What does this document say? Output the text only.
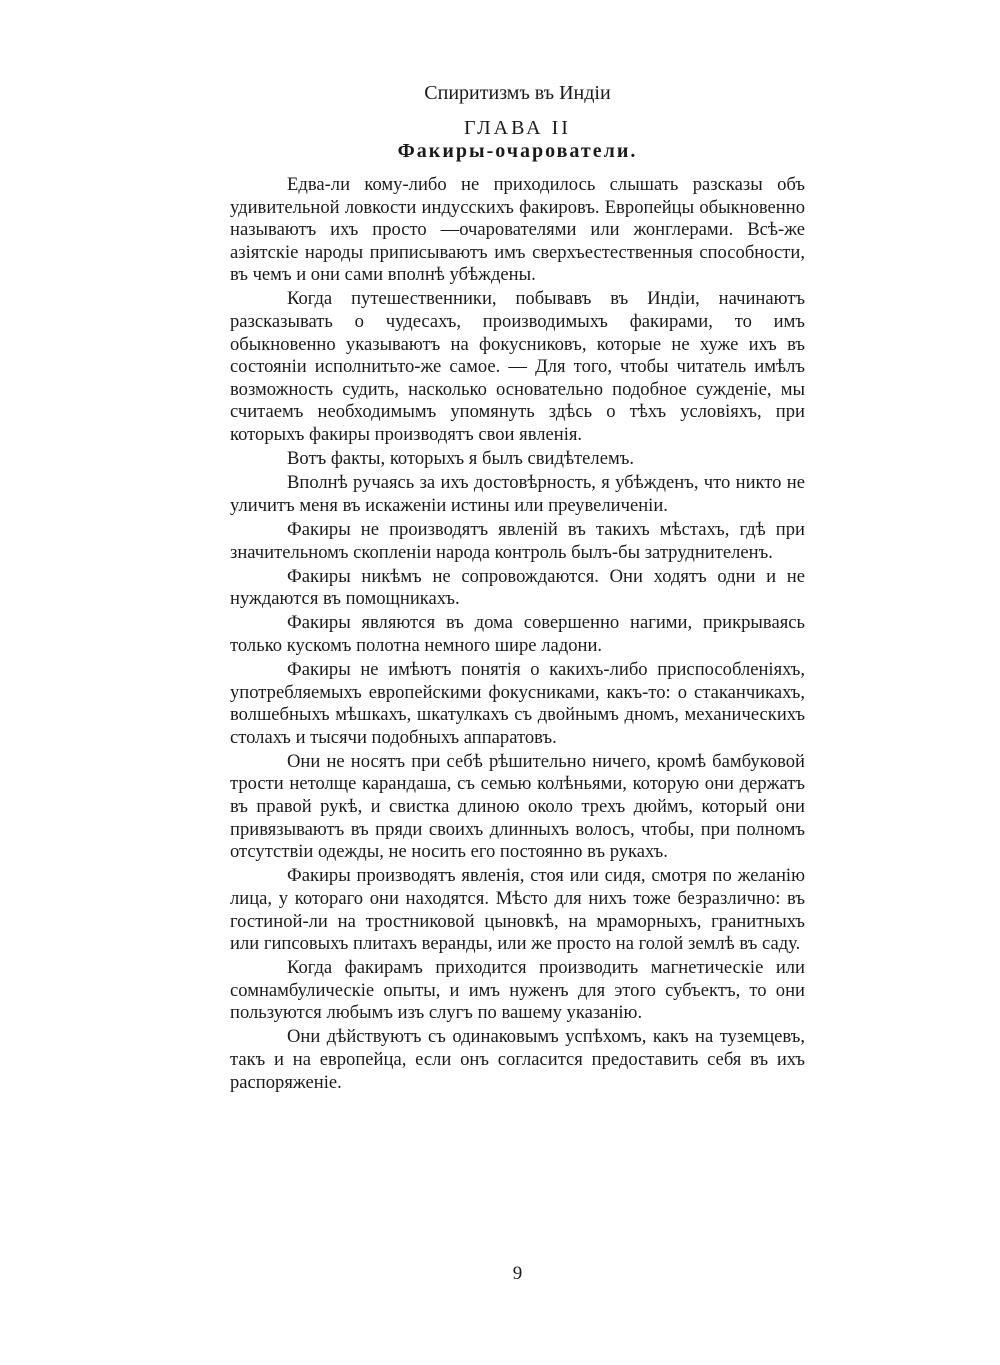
Спиритизмъ въ Индiи
ГЛАВА II
Факиры-очарователи.

Едва-ли кому-либо не приходилось слышать разсказы объ удивительной ловкости индусскихъ факировъ. Европейцы обыкновенно называютъ ихъ просто —очарователями или жонглерами. Всѣ-же азiятскiе народы приписываютъ имъ сверхъестественныя способности, въ чемъ и они сами вполнѣ убѣждены.

Когда путешественники, побывавъ въ Индiи, начинаютъ разсказывать о чудесахъ, производимыхъ факирами, то имъ обыкновенно указываютъ на фокусниковъ, которые не хуже ихъ въ состоянiи исполнитьто-же самое. — Для того, чтобы читатель имѣлъ возможность судить, насколько основательно подобное сужденiе, мы считаемъ необходимымъ упомянуть здѣсь о тѣхъ условiяхъ, при которыхъ факиры производятъ свои явленiя.

Вотъ факты, которыхъ я былъ свидѣтелемъ.

Вполнѣ ручаясь за ихъ достовѣрность, я убѣжденъ, что никто не уличитъ меня въ искаженiи истины или преувеличенiи.

Факиры не производятъ явленiй въ такихъ мѣстахъ, гдѣ при значительномъ скопленiи народа контроль былъ-бы затруднителенъ.

Факиры никѣмъ не сопровождаются. Они ходятъ одни и не нуждаются въ помощникахъ.

Факиры являются въ дома совершенно нагими, прикрываясь только кускомъ полотна немного шире ладони.

Факиры не имѣютъ понятiя о какихъ-либо приспособленiяхъ, употребляемыхъ европейскими фокусниками, какъ-то: о стаканчикахъ, волшебныхъ мѣшкахъ, шкатулкахъ съ двойнымъ дномъ, механическихъ столахъ и тысячи подобныхъ аппаратовъ.

Они не носятъ при себѣ рѣшительно ничего, кромѣ бамбуковой трости нетолще карандаша, съ семью колѣньями, которую они держатъ въ правой рукѣ, и свистка длиною около трехъ дюймъ, который они привязываютъ въ пряди своихъ длинныхъ волосъ, чтобы, при полномъ отсутствiи одежды, не носить его постоянно въ рукахъ.

Факиры производятъ явленiя, стоя или сидя, смотря по желанiю лица, у котораго они находятся. Мѣсто для нихъ тоже безразлично: въ гостиной-ли на тростниковой цыновкѣ, на мраморныхъ, гранитныхъ или гипсовыхъ плитахъ веранды, или же просто на голой землѣ въ саду.

Когда факирамъ приходится производить магнетическiе или сомнамбулическiе опыты, и имъ нуженъ для этого субъектъ, то они пользуются любымъ изъ слугъ по вашему указанiю.

Они дѣйствуютъ съ одинаковымъ успѣхомъ, какъ на туземцевъ, такъ и на европейца, если онъ согласится предоставить себя въ ихъ распоряженiе.

9
